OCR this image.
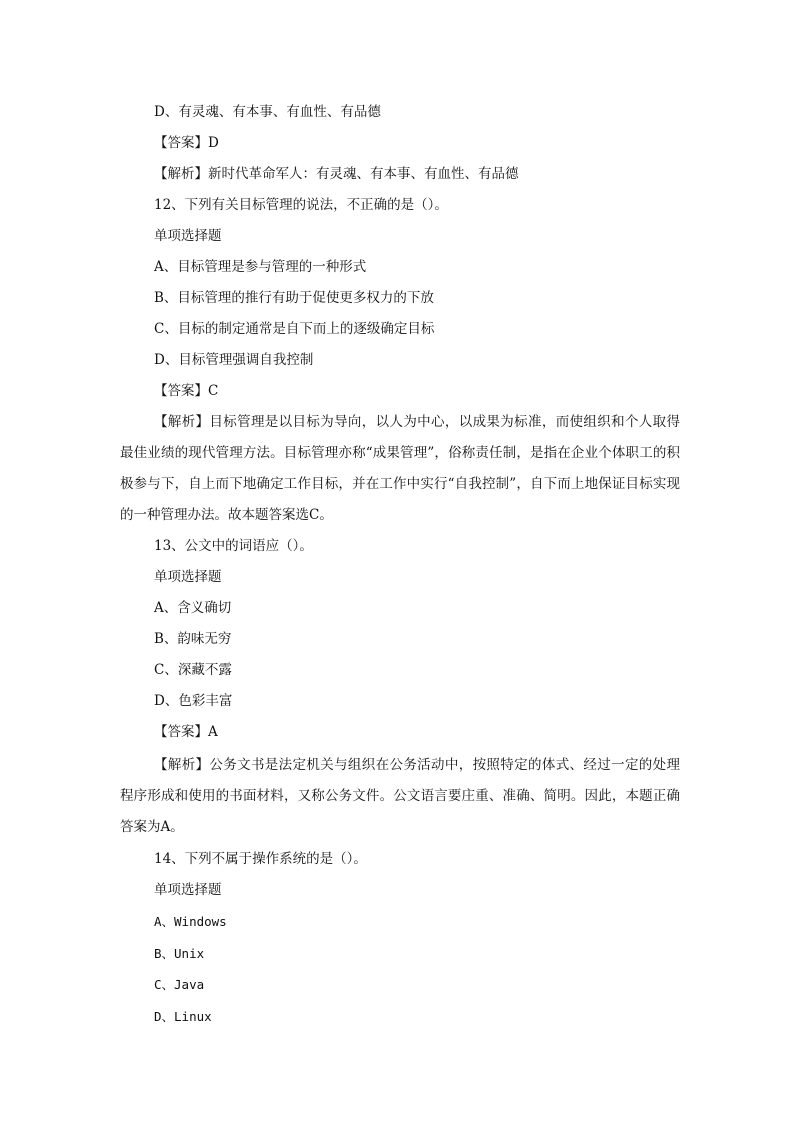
D、有灵魂、有本事、有血性、有品德
【答案】D
【解析】新时代革命军人：有灵魂、有本事、有血性、有品德
12、下列有关目标管理的说法，不正确的是（）。
单项选择题
A、目标管理是参与管理的一种形式
B、目标管理的推行有助于促使更多权力的下放
C、目标的制定通常是自下而上的逐级确定目标
D、目标管理强调自我控制
【答案】C
【解析】目标管理是以目标为导向，以人为中心，以成果为标准，而使组织和个人取得最佳业绩的现代管理方法。目标管理亦称“成果管理”，俗称责任制，是指在企业个体职工的积极参与下，自上而下地确定工作目标，并在工作中实行“自我控制”，自下而上地保证目标实现的一种管理办法。故本题答案选C。
13、公文中的词语应（）。
单项选择题
A、含义确切
B、韵味无穷
C、深藏不露
D、色彩丰富
【答案】A
【解析】公务文书是法定机关与组织在公务活动中，按照特定的体式、经过一定的处理程序形成和使用的书面材料，又称公务文件。公文语言要庄重、准确、简明。因此，本题正确答案为A。
14、下列不属于操作系统的是（）。
单项选择题
A、Windows
B、Unix
C、Java
D、Linux
